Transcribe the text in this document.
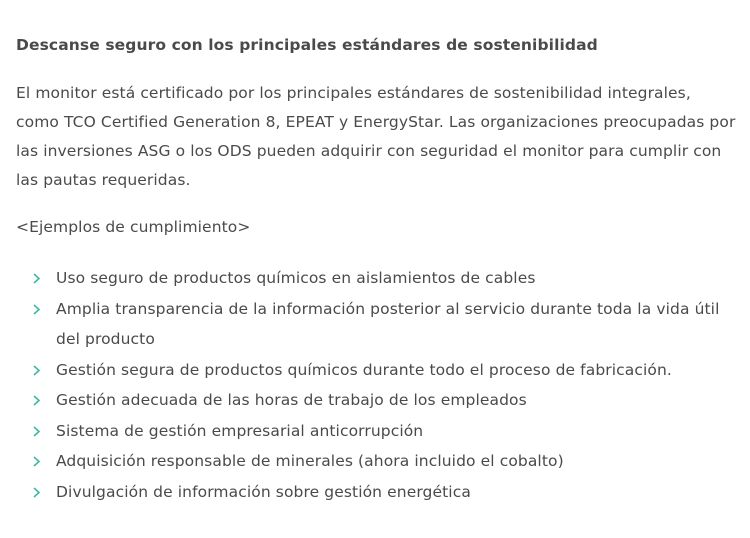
Descanse seguro con los principales estándares de sostenibilidad
El monitor está certificado por los principales estándares de sostenibilidad integrales, como TCO Certified Generation 8, EPEAT y EnergyStar. Las organizaciones preocupadas por las inversiones ASG o los ODS pueden adquirir con seguridad el monitor para cumplir con las pautas requeridas.
<Ejemplos de cumplimiento>
Uso seguro de productos químicos en aislamientos de cables
Amplia transparencia de la información posterior al servicio durante toda la vida útil del producto
Gestión segura de productos químicos durante todo el proceso de fabricación.
Gestión adecuada de las horas de trabajo de los empleados
Sistema de gestión empresarial anticorrupción
Adquisición responsable de minerales (ahora incluido el cobalto)
Divulgación de información sobre gestión energética
